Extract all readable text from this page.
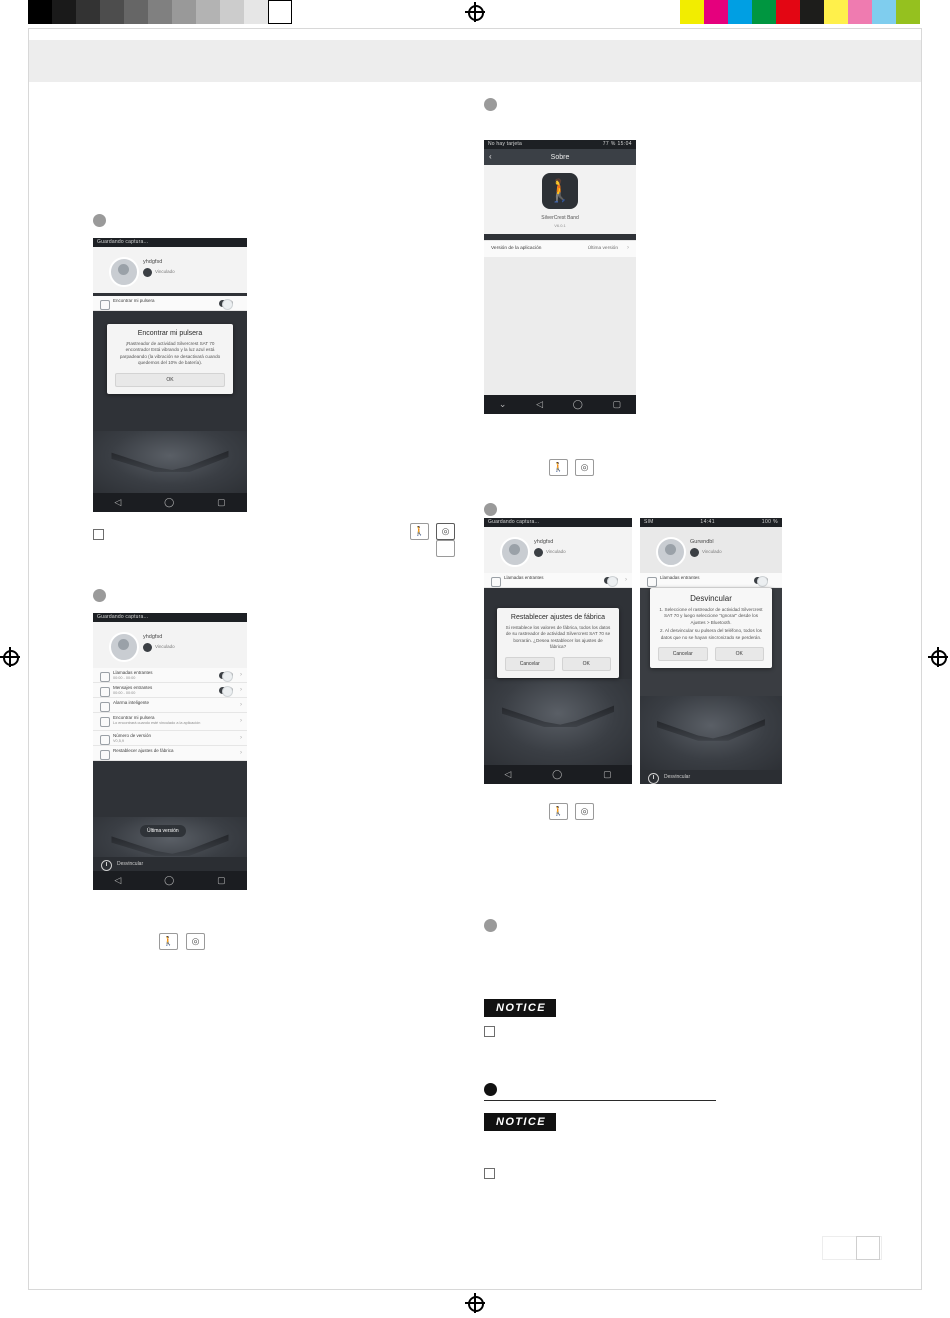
Guardando captura...
yhdgfsd
Vinculado
Encontrar mi pulsera
Encontrar mi pulsera
¡Rastreador de actividad Silvercrest SAT 70 encontrado! Está vibrando y la luz azul está parpadeando (la vibración se desactivará cuando quedemos del 10% de batería).
OK
◁	◯	▢
Guardando captura...
yhdgfsd
Vinculado
Llamadas entrantes
00:00 - 00:00	›
Mensajes entrantes
00:00 - 00:00	›
Alarma inteligente	›
Encontrar mi pulsera
Lo encontrará cuando esté vinculado a la aplicación	›
Número de versión
V0,5,9	›
Restablecer ajustes de fábrica	›
Última versión
Desvincular
◁	◯	▢
🚶	◎
No hay tarjeta	77 % 15:04
‹	Sobre
🚶
SilverCrest Band
V6.0.1
Versión de la aplicación	Última versión ›
⌄	◁	◯	▢
🚶	◎
🚶	◎
Guardando captura...
yhdgfsd
Vinculado
Llamadas entrantes	›
Restablecer ajustes de fábrica
Si restablece los valores de fábrica, todos los datos de su rastreador de actividad Silvercrest SAT 70 se borrarán. ¿Desea restablecer los ajustes de fábrica?
Cancelar	OK
◁	◯	▢
SIM	14:41	100 %
Gurwndbl
Vinculado
Llamadas entrantes
Desvincular
1. Seleccione el rastreador de actividad Silvercrest SAT 70 y luego seleccione "Ignorar" desde los Ajustes > Bluetooth.
2. Al desvincular su pulsera del teléfono, todos los datos que no se hayan sincronizado se perderán.
Cancelar	OK
Desvincular
🚶	◎
NOTICE
NOTICE
